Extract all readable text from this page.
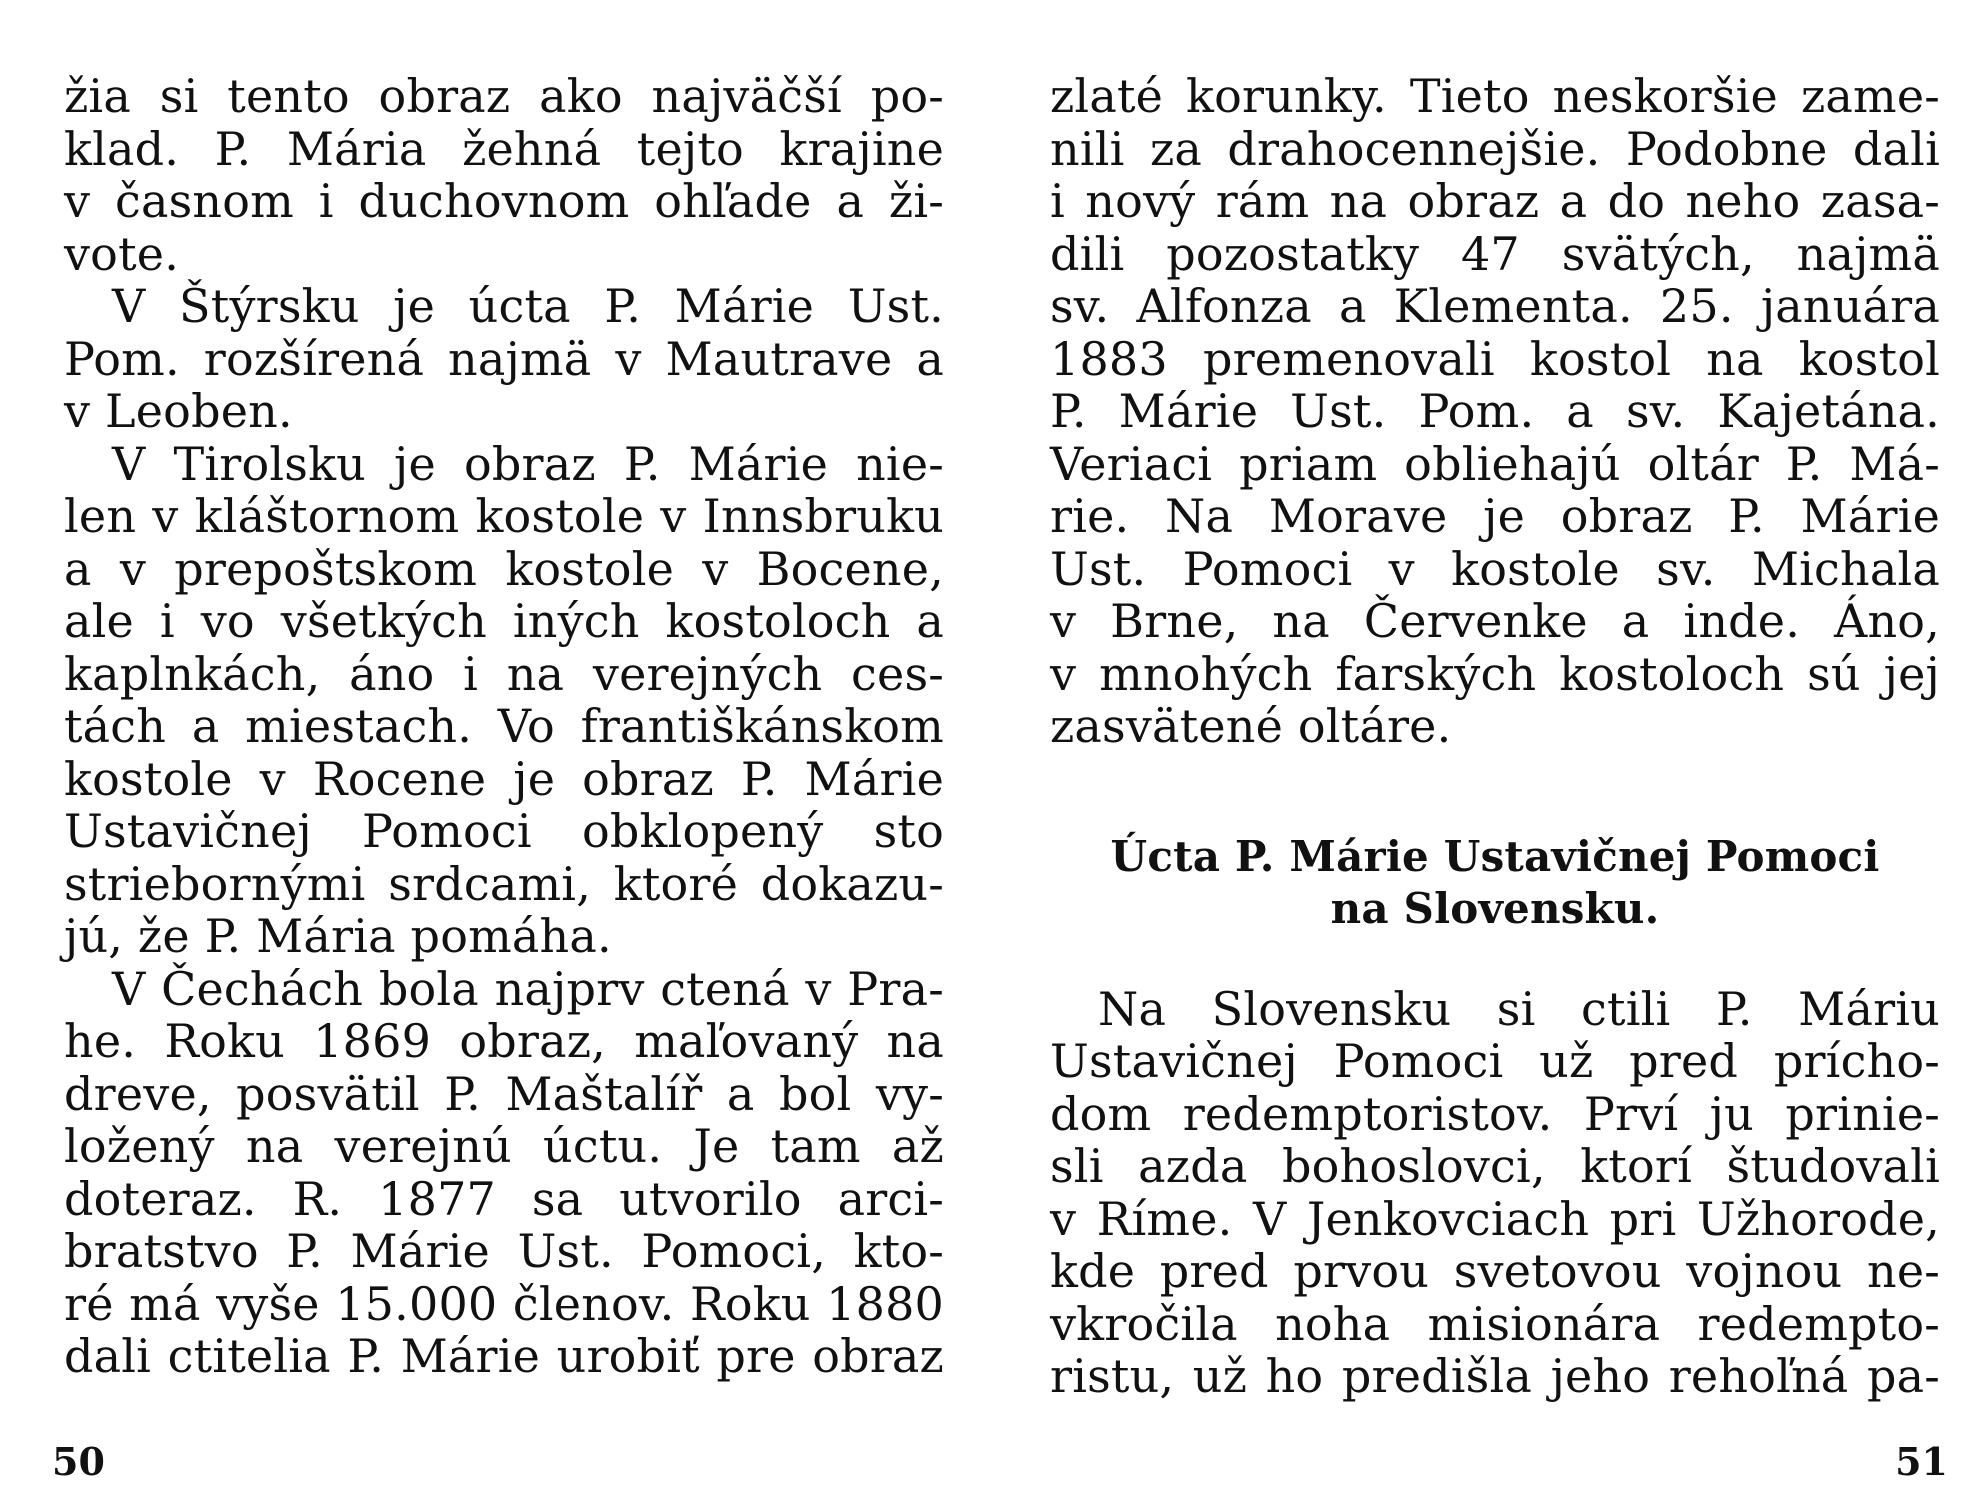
žia si tento obraz ako najväčší po-
klad. P. Mária žehná tejto krajine
v časnom i duchovnom ohľade a ži-
vote.
V Štýrsku je úcta P. Márie Ust.
Pom. rozšírená najmä v Mautrave a
v Leoben.
V Tirolsku je obraz P. Márie nie-
len v kláštornom kostole v Innsbruku
a v prepoštskom kostole v Bocene,
ale i vo všetkých iných kostoloch a
kaplnkách, áno i na verejných ces-
tách a miestach. Vo františkánskom
kostole v Rocene je obraz P. Márie
Ustavičnej Pomoci obklopený sto
striebornými srdcami, ktoré dokazu-
jú, že P. Mária pomáha.
V Čechách bola najprv ctená v Pra-
he. Roku 1869 obraz, maľovaný na
dreve, posvätil P. Maštalíř a bol vy-
ložený na verejnú úctu. Je tam až
doteraz. R. 1877 sa utvorilo arci-
bratstvo P. Márie Ust. Pomoci, kto-
ré má vyše 15.000 členov. Roku 1880
dali ctitelia P. Márie urobiť pre obraz
50
zlaté korunky. Tieto neskoršie zame-
nili za drahocennejšie. Podobne dali
i nový rám na obraz a do neho zasa-
dili pozostatky 47 svätých, najmä
sv. Alfonza a Klementa. 25. januára
1883 premenovali kostol na kostol
P. Márie Ust. Pom. a sv. Kajetána.
Veriaci priam obliehajú oltár P. Má-
rie. Na Morave je obraz P. Márie
Ust. Pomoci v kostole sv. Michala
v Brne, na Červenke a inde. Áno,
v mnohých farských kostoloch sú jej
zasvätené oltáre.
Úcta P. Márie Ustavičnej Pomoci
na Slovensku.
Na Slovensku si ctili P. Máriu
Ustavičnej Pomoci už pred prícho-
dom redemptoristov. Prví ju prinie-
sli azda bohoslovci, ktorí študovali
v Ríme. V Jenkovciach pri Užhorode,
kde pred prvou svetovou vojnou ne-
vkročila noha misionára redempto-
ristu, už ho predišla jeho rehoľná pa-
51
